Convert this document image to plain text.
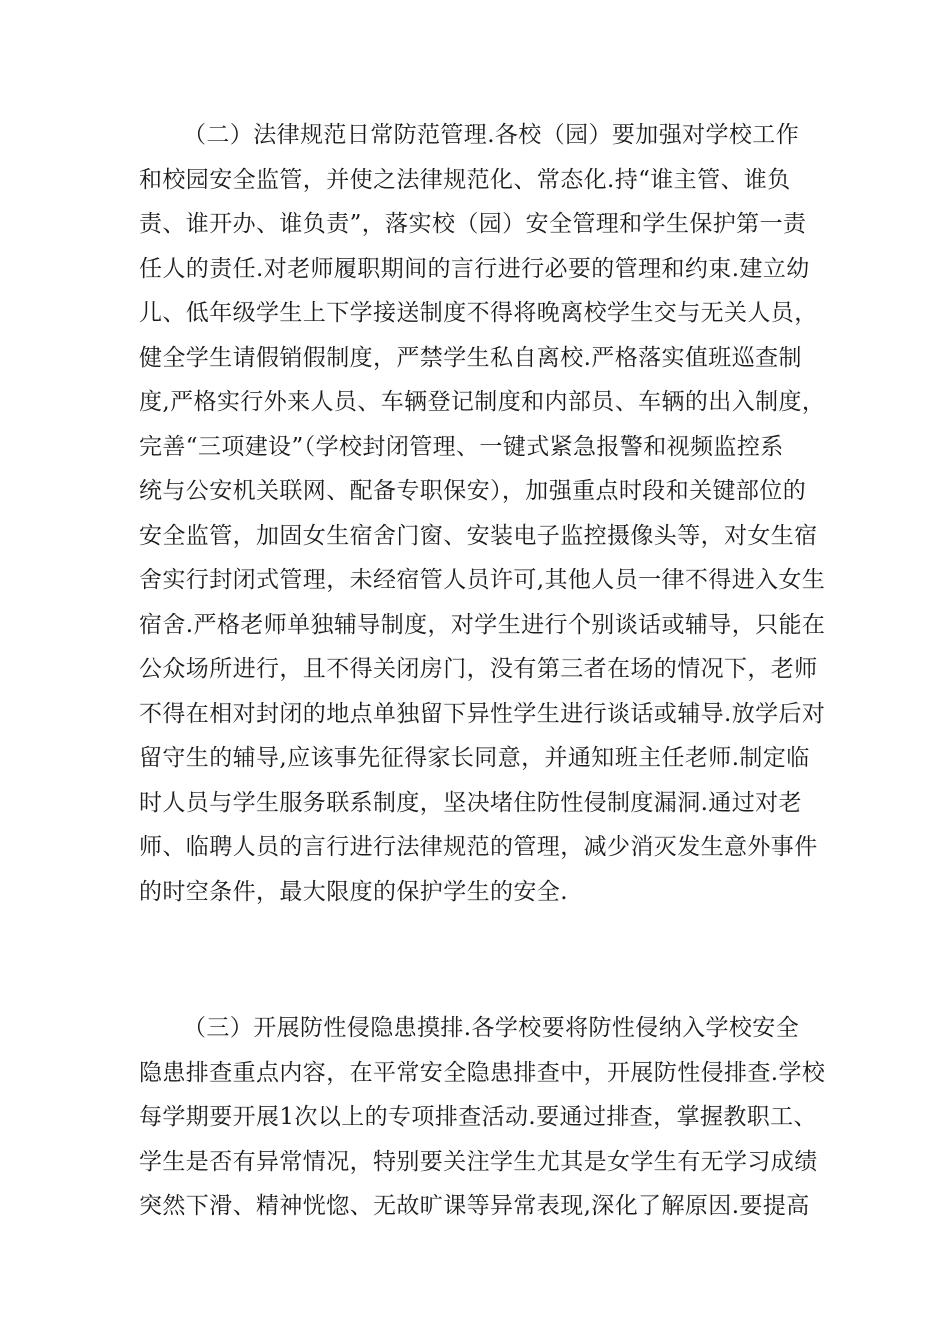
（二）法律规范日常防范管理.各校（园）要加强对学校工作
和校园安全监管，并使之法律规范化、常态化.持“谁主管、谁负
责、谁开办、谁负责”，落实校（园）安全管理和学生保护第一责
任人的责任.对老师履职期间的言行进行必要的管理和约束.建立幼
儿、低年级学生上下学接送制度不得将晚离校学生交与无关人员，
健全学生请假销假制度，严禁学生私自离校.严格落实值班巡查制
度,严格实行外来人员、车辆登记制度和内部员、车辆的出入制度，
完善“三项建设”（学校封闭管理、一键式紧急报警和视频监控系
统与公安机关联网、配备专职保安），加强重点时段和关键部位的
安全监管，加固女生宿舍门窗、安装电子监控摄像头等，对女生宿
舍实行封闭式管理，未经宿管人员许可,其他人员一律不得进入女生
宿舍.严格老师单独辅导制度，对学生进行个别谈话或辅导，只能在
公众场所进行，且不得关闭房门，没有第三者在场的情况下，老师
不得在相对封闭的地点单独留下异性学生进行谈话或辅导.放学后对
留守生的辅导,应该事先征得家长同意，并通知班主任老师.制定临
时人员与学生服务联系制度，坚决堵住防性侵制度漏洞.通过对老
师、临聘人员的言行进行法律规范的管理，减少消灭发生意外事件
的时空条件，最大限度的保护学生的安全.
（三）开展防性侵隐患摸排.各学校要将防性侵纳入学校安全
隐患排查重点内容，在平常安全隐患排查中，开展防性侵排查.学校
每学期要开展1次以上的专项排查活动.要通过排查，掌握教职工、
学生是否有异常情况，特别要关注学生尤其是女学生有无学习成绩
突然下滑、精神恍惚、无故旷课等异常表现,深化了解原因.要提高
